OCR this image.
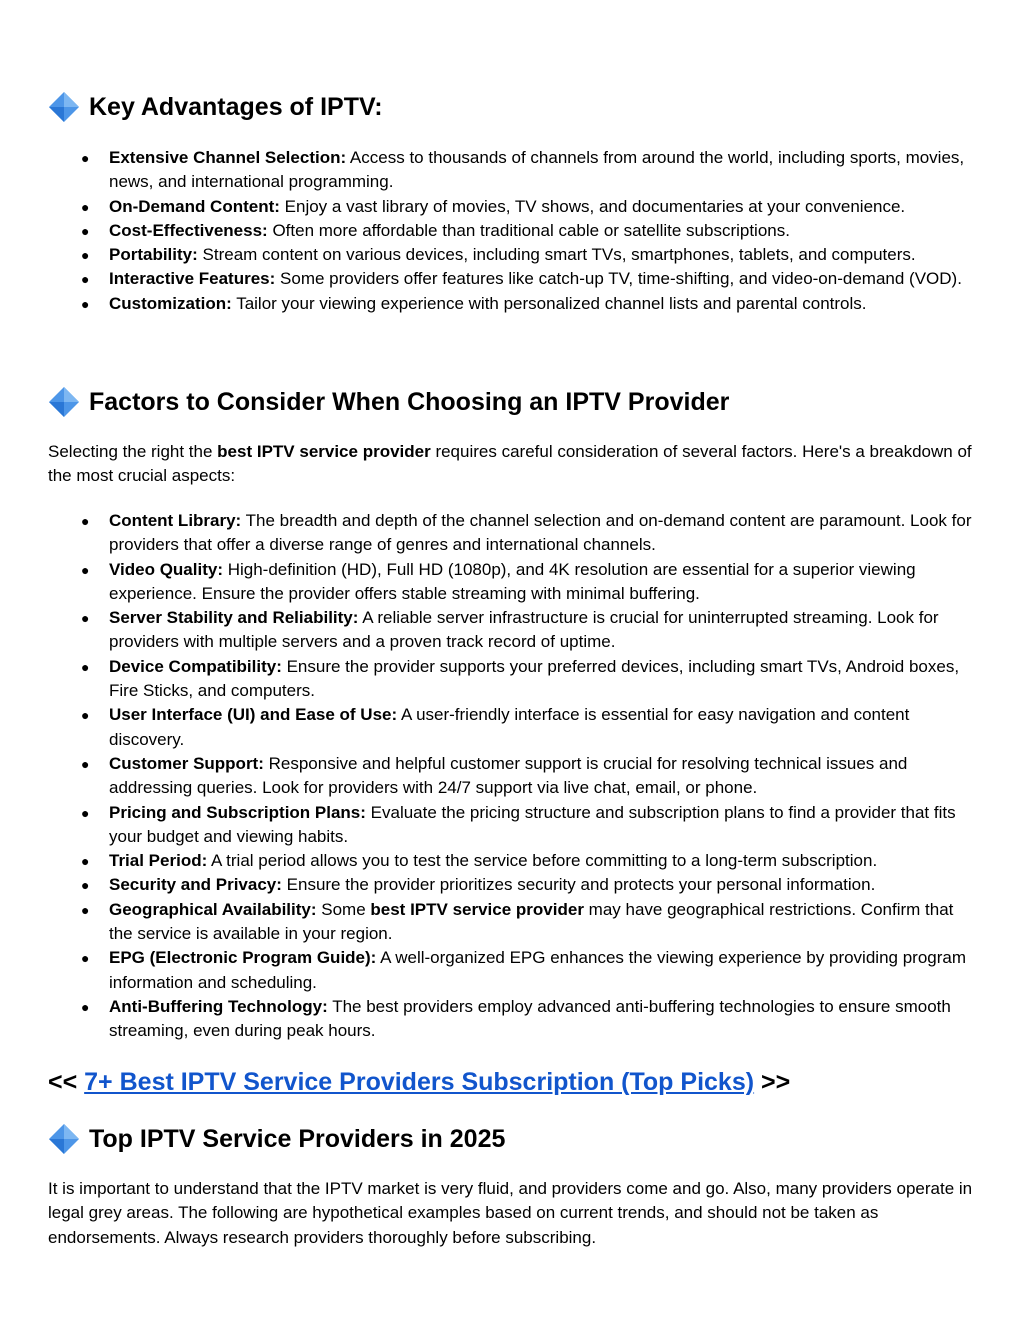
Key Advantages of IPTV:
● Extensive Channel Selection: Access to thousands of channels from around the world, including sports, movies, news, and international programming.
● On-Demand Content: Enjoy a vast library of movies, TV shows, and documentaries at your convenience.
● Cost-Effectiveness: Often more affordable than traditional cable or satellite subscriptions.
● Portability: Stream content on various devices, including smart TVs, smartphones, tablets, and computers.
● Interactive Features: Some providers offer features like catch-up TV, time-shifting, and video-on-demand (VOD).
● Customization: Tailor your viewing experience with personalized channel lists and parental controls.
Factors to Consider When Choosing an IPTV Provider

Selecting the right the best IPTV service provider requires careful consideration of several factors. Here's a breakdown of the most crucial aspects:

● Content Library: The breadth and depth of the channel selection and on-demand content are paramount. Look for providers that offer a diverse range of genres and international channels.
● Video Quality: High-definition (HD), Full HD (1080p), and 4K resolution are essential for a superior viewing experience. Ensure the provider offers stable streaming with minimal buffering.
● Server Stability and Reliability: A reliable server infrastructure is crucial for uninterrupted streaming. Look for providers with multiple servers and a proven track record of uptime.
● Device Compatibility: Ensure the provider supports your preferred devices, including smart TVs, Android boxes, Fire Sticks, and computers.
● User Interface (UI) and Ease of Use: A user-friendly interface is essential for easy navigation and content discovery.
● Customer Support: Responsive and helpful customer support is crucial for resolving technical issues and addressing queries. Look for providers with 24/7 support via live chat, email, or phone.
● Pricing and Subscription Plans: Evaluate the pricing structure and subscription plans to find a provider that fits your budget and viewing habits.
● Trial Period: A trial period allows you to test the service before committing to a long-term subscription.
● Security and Privacy: Ensure the provider prioritizes security and protects your personal information.
● Geographical Availability: Some best IPTV service provider may have geographical restrictions. Confirm that the service is available in your region.
● EPG (Electronic Program Guide): A well-organized EPG enhances the viewing experience by providing program information and scheduling.
● Anti-Buffering Technology: The best providers employ advanced anti-buffering technologies to ensure smooth streaming, even during peak hours.

<< 7+ Best IPTV Service Providers Subscription (Top Picks) >>

Top IPTV Service Providers in 2025

It is important to understand that the IPTV market is very fluid, and providers come and go. Also, many providers operate in legal grey areas. The following are hypothetical examples based on current trends, and should not be taken as endorsements. Always research providers thoroughly before subscribing.
